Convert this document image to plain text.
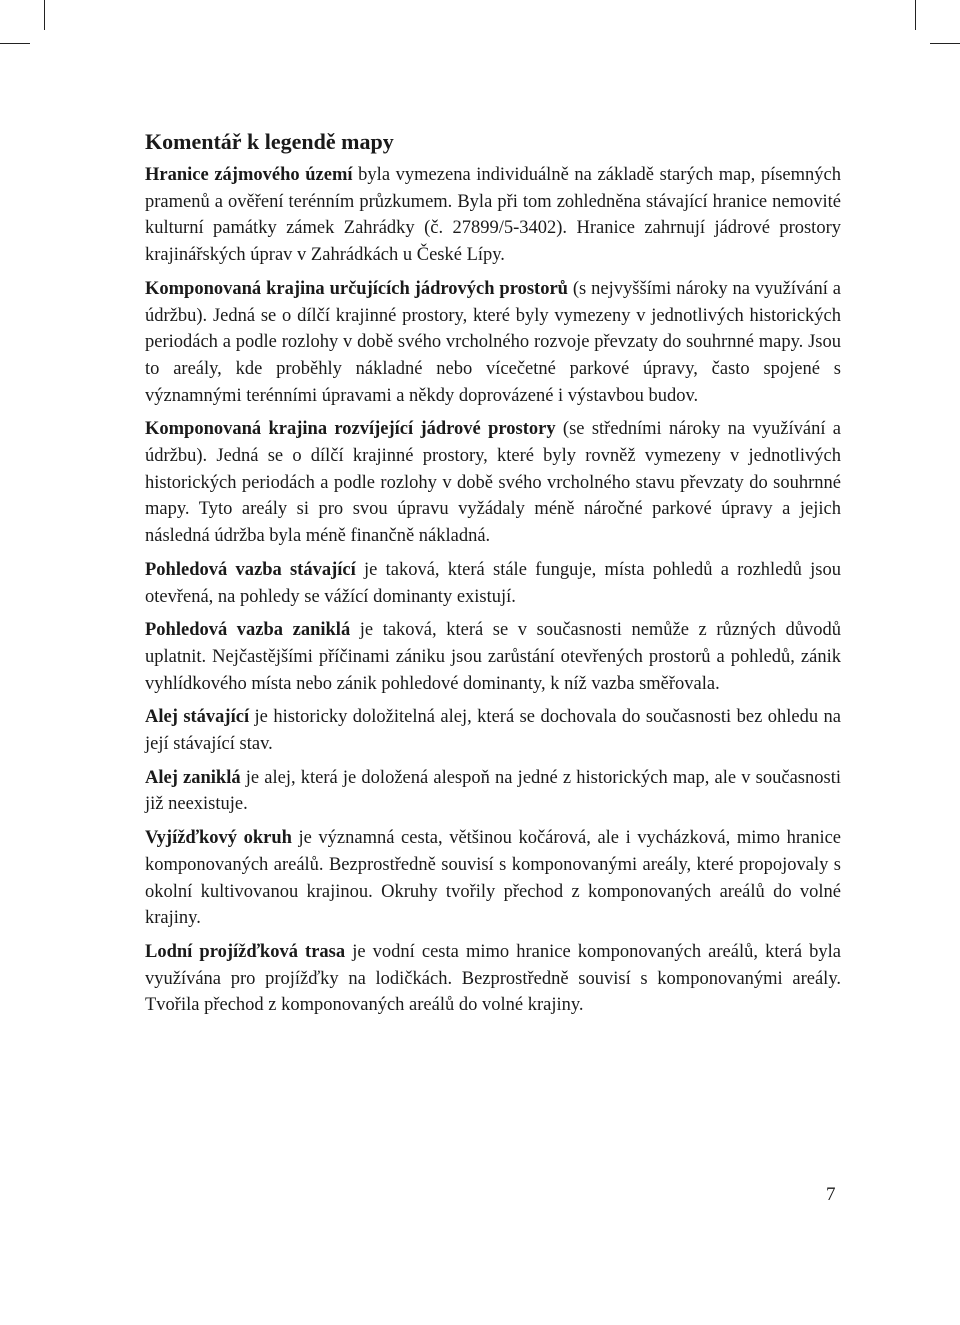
Komentář k legendě mapy

Hranice zájmového území byla vymezena individuálně na základě starých map, písemných pramenů a ověření terénním průzkumem. Byla při tom zohledněna stávající hranice nemovité kulturní památky zámek Zahrádky (č. 27899/5-3402). Hranice zahrnují jádrové prostory krajinářských úprav v Zahrádkách u České Lípy.

Komponovaná krajina určujících jádrových prostorů (s nejvyššími nároky na využívání a údržbu). Jedná se o dílčí krajinné prostory, které byly vymezeny v jednotlivých historických periodách a podle rozlohy v době svého vrcholného rozvoje převzaty do souhrnné mapy. Jsou to areály, kde proběhly nákladné nebo vícečetné parkové úpravy, často spojené s významnými terénními úpravami a někdy doprovázené i výstavbou budov.

Komponovaná krajina rozvíjející jádrové prostory (se středními nároky na využívání a údržbu). Jedná se o dílčí krajinné prostory, které byly rovněž vymezeny v jednotlivých historických periodách a podle rozlohy v době svého vrcholného stavu převzaty do souhrnné mapy. Tyto areály si pro svou úpravu vyžádaly méně náročné parkové úpravy a jejich následná údržba byla méně finančně nákladná.

Pohledová vazba stávající je taková, která stále funguje, místa pohledů a rozhledů jsou otevřená, na pohledy se vážící dominanty existují.

Pohledová vazba zaniklá je taková, která se v současnosti nemůže z různých důvodů uplatnit. Nejčastějšími příčinami zániku jsou zarůstání otevřených prostorů a pohledů, zánik vyhlídkového místa nebo zánik pohledové dominanty, k níž vazba směřovala.

Alej stávající je historicky doložitelná alej, která se dochovala do současnosti bez ohledu na její stávající stav.

Alej zaniklá je alej, která je doložená alespoň na jedné z historických map, ale v současnosti již neexistuje.

Vyjížďkový okruh je významná cesta, většinou kočárová, ale i vycházková, mimo hranice komponovaných areálů. Bezprostředně souvisí s komponovanými areály, které propojovaly s okolní kultivovanou krajinou. Okruhy tvořily přechod z komponovaných areálů do volné krajiny.

Lodní projížďková trasa je vodní cesta mimo hranice komponovaných areálů, která byla využívána pro projížďky na lodičkách. Bezprostředně souvisí s komponovanými areály. Tvořila přechod z komponovaných areálů do volné krajiny.

7
